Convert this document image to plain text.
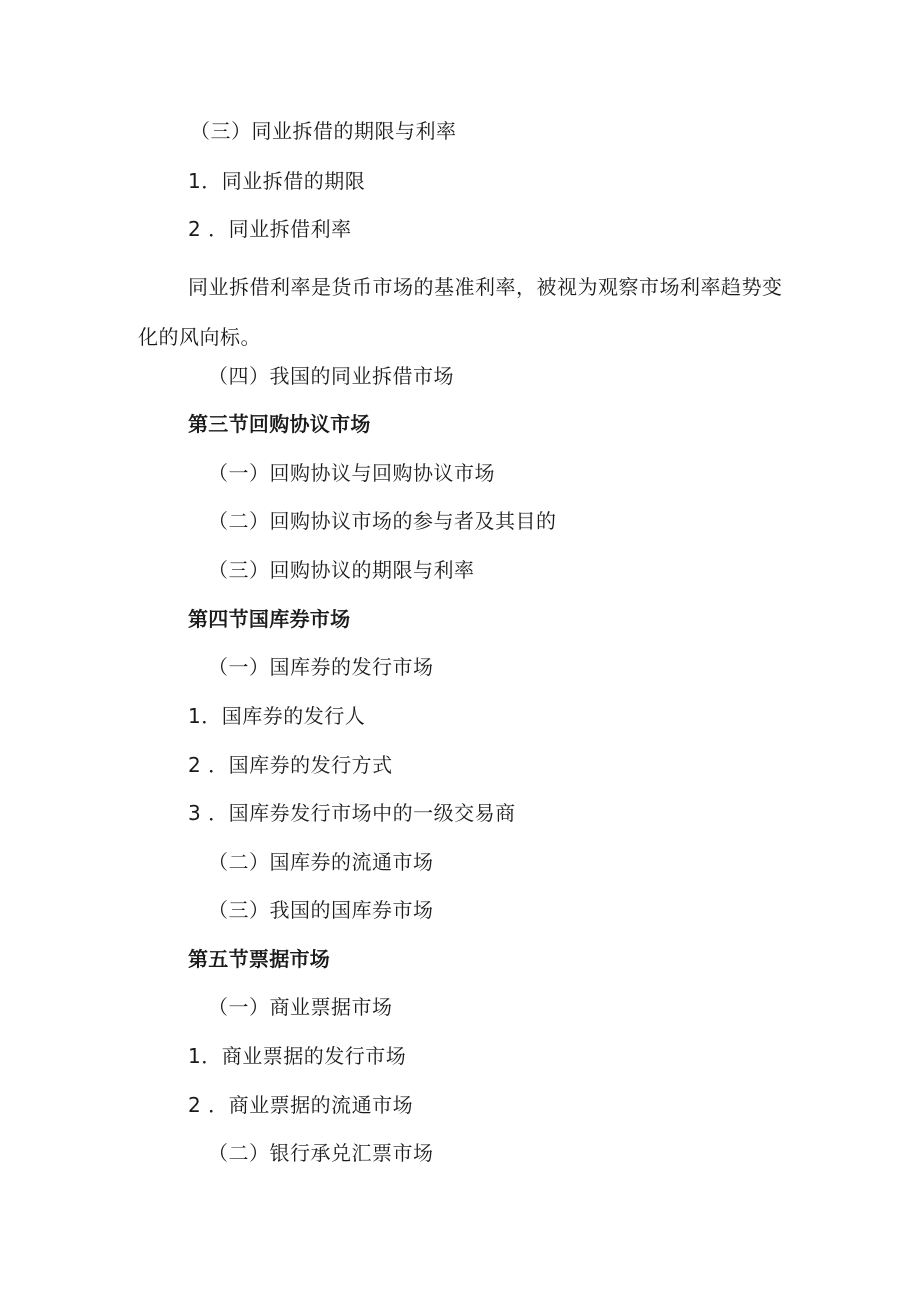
（三）同业拆借的期限与利率
1．同业拆借的期限
2 ．同业拆借利率
同业拆借利率是货币市场的基准利率，被视为观察市场利率趋势变化的风向标。
（四）我国的同业拆借市场
第三节回购协议市场
（一）回购协议与回购协议市场
（二）回购协议市场的参与者及其目的
（三）回购协议的期限与利率
第四节国库券市场
（一）国库券的发行市场
1．国库券的发行人
2 ．国库券的发行方式
3 ．国库券发行市场中的一级交易商
（二）国库券的流通市场
（三）我国的国库券市场
第五节票据市场
（一）商业票据市场
1．商业票据的发行市场
2 ．商业票据的流通市场
（二）银行承兑汇票市场
